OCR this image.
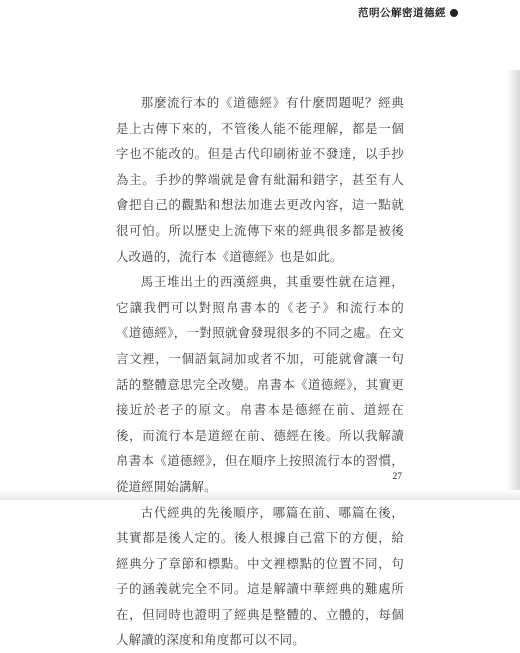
范明公解密道德經

那麼流行本的《道德經》有什麼問題呢？經典是上古傳下來的，不管後人能不能理解，都是一個字也不能改的。但是古代印刷術並不發達，以手抄為主。手抄的弊端就是會有紕漏和錯字，甚至有人會把自己的觀點和想法加進去更改內容，這一點就很可怕。所以歷史上流傳下來的經典很多都是被後人改過的，流行本《道德經》也是如此。

馬王堆出土的西漢經典，其重要性就在這裡，它讓我們可以對照帛書本的《老子》和流行本的《道德經》，一對照就會發現很多的不同之處。在文言文裡，一個語氣詞加或者不加，可能就會讓一句話的整體意思完全改變。帛書本《道德經》，其實更接近於老子的原文。帛書本是德經在前、道經在後，而流行本是道經在前、德經在後。所以我解讀帛書本《道德經》，但在順序上按照流行本的習慣，從道經開始講解。

古代經典的先後順序，哪篇在前、哪篇在後，其實都是後人定的。後人根據自己當下的方便，給經典分了章節和標點。中文裡標點的位置不同，句子的涵義就完全不同。這是解讀中華經典的難處所在，但同時也證明了經典是整體的、立體的，每個人解讀的深度和角度都可以不同。

27
